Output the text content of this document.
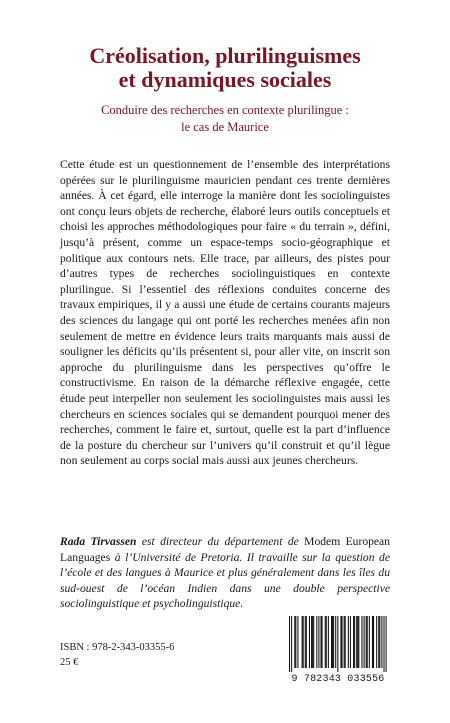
Créolisation, plurilinguismes
et dynamiques sociales

Conduire des recherches en contexte plurilingue :
le cas de Maurice

Cette étude est un questionnement de l’ensemble des interprétations opérées sur le plurilinguisme mauricien pendant ces trente dernières années. À cet égard, elle interroge la manière dont les sociolinguistes ont conçu leurs objets de recherche, élaboré leurs outils conceptuels et choisi les approches méthodologiques pour faire « du terrain », défini, jusqu’à présent, comme un espace-temps socio-géographique et politique aux contours nets. Elle trace, par ailleurs, des pistes pour d’autres types de recherches sociolinguistiques en contexte plurilingue. Si l’essentiel des réflexions conduites concerne des travaux empiriques, il y a aussi une étude de certains courants majeurs des sciences du langage qui ont porté les recherches menées afin non seulement de mettre en évidence leurs traits marquants mais aussi de souligner les déficits qu’ils présentent si, pour aller vite, on inscrit son approche du plurilinguisme dans les perspectives qu’offre le constructivisme. En raison de la démarche réflexive engagée, cette étude peut interpeller non seulement les sociolinguistes mais aussi les chercheurs en sciences sociales qui se demandent pourquoi mener des recherches, comment le faire et, surtout, quelle est la part d’influence de la posture du chercheur sur l’univers qu’il construit et qu’il lègue non seulement au corps social mais aussi aux jeunes chercheurs.

Rada Tirvassen est directeur du département de Modem European Languages à l’Université de Pretoria. Il travaille sur la question de l’école et des langues à Maurice et plus généralement dans les îles du sud-ouest de l’océan Indien dans une double perspective sociolinguistique et psycholinguistique.

ISBN : 978-2-343-03355-6

25 €

9 782343 033556
